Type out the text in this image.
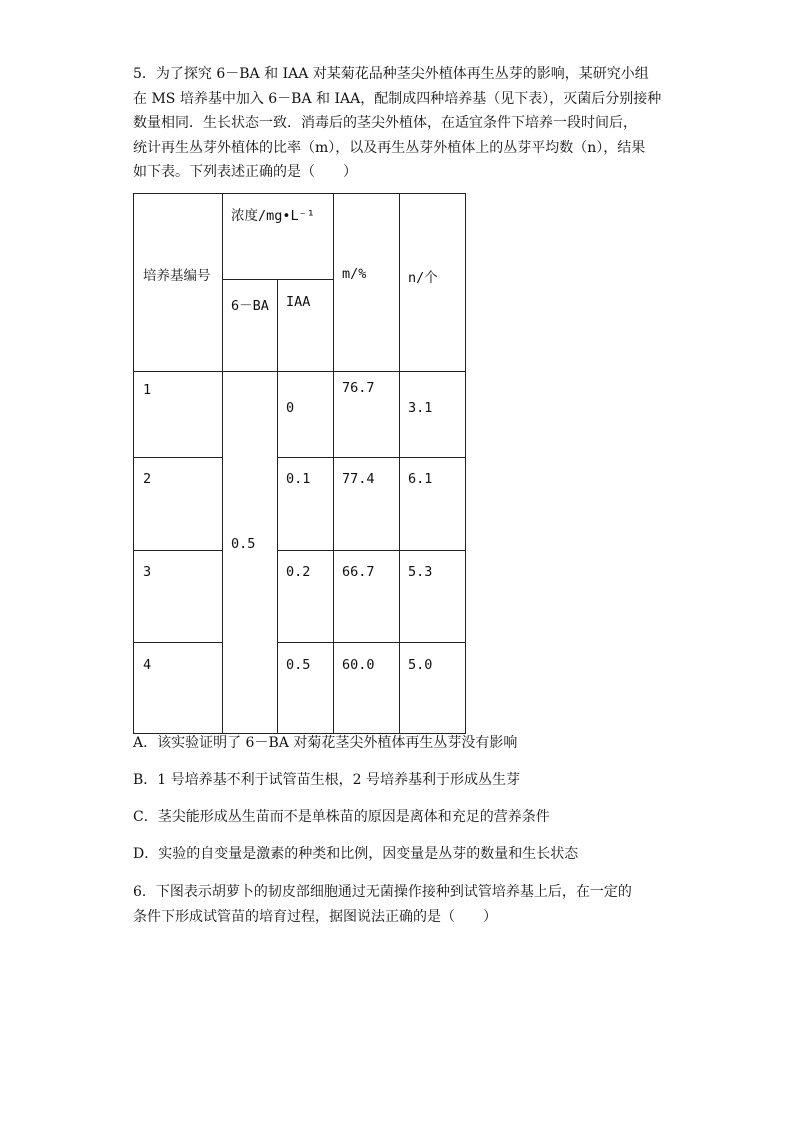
5．为了探究 6－BA 和 IAA 对某菊花品种茎尖外植体再生丛芽的影响，某研究小组

在 MS 培养基中加入 6－BA 和 IAA，配制成四种培养基（见下表），灭菌后分别接种

数量相同．生长状态一致．消毒后的茎尖外植体，在适宜条件下培养一段时间后，

统计再生丛芽外植体的比率（m），以及再生丛芽外植体上的丛芽平均数（n），结果

如下表。下列表述正确的是（　　）

培养基编号	浓度/mg•L⁻¹		m/%	n/个

	6－BA	IAA		

1	0.5	0	76.7	3.1

2		0.1	77.4	6.1

3		0.2	66.7	5.3

4		0.5	60.0	5.0

A．该实验证明了 6－BA 对菊花茎尖外植体再生丛芽没有影响

B．1 号培养基不利于试管苗生根，2 号培养基利于形成丛生芽

C．茎尖能形成丛生苗而不是单株苗的原因是离体和充足的营养条件

D．实验的自变量是激素的种类和比例，因变量是丛芽的数量和生长状态

6．下图表示胡萝卜的韧皮部细胞通过无菌操作接种到试管培养基上后，在一定的

条件下形成试管苗的培育过程，据图说法正确的是（　　）
